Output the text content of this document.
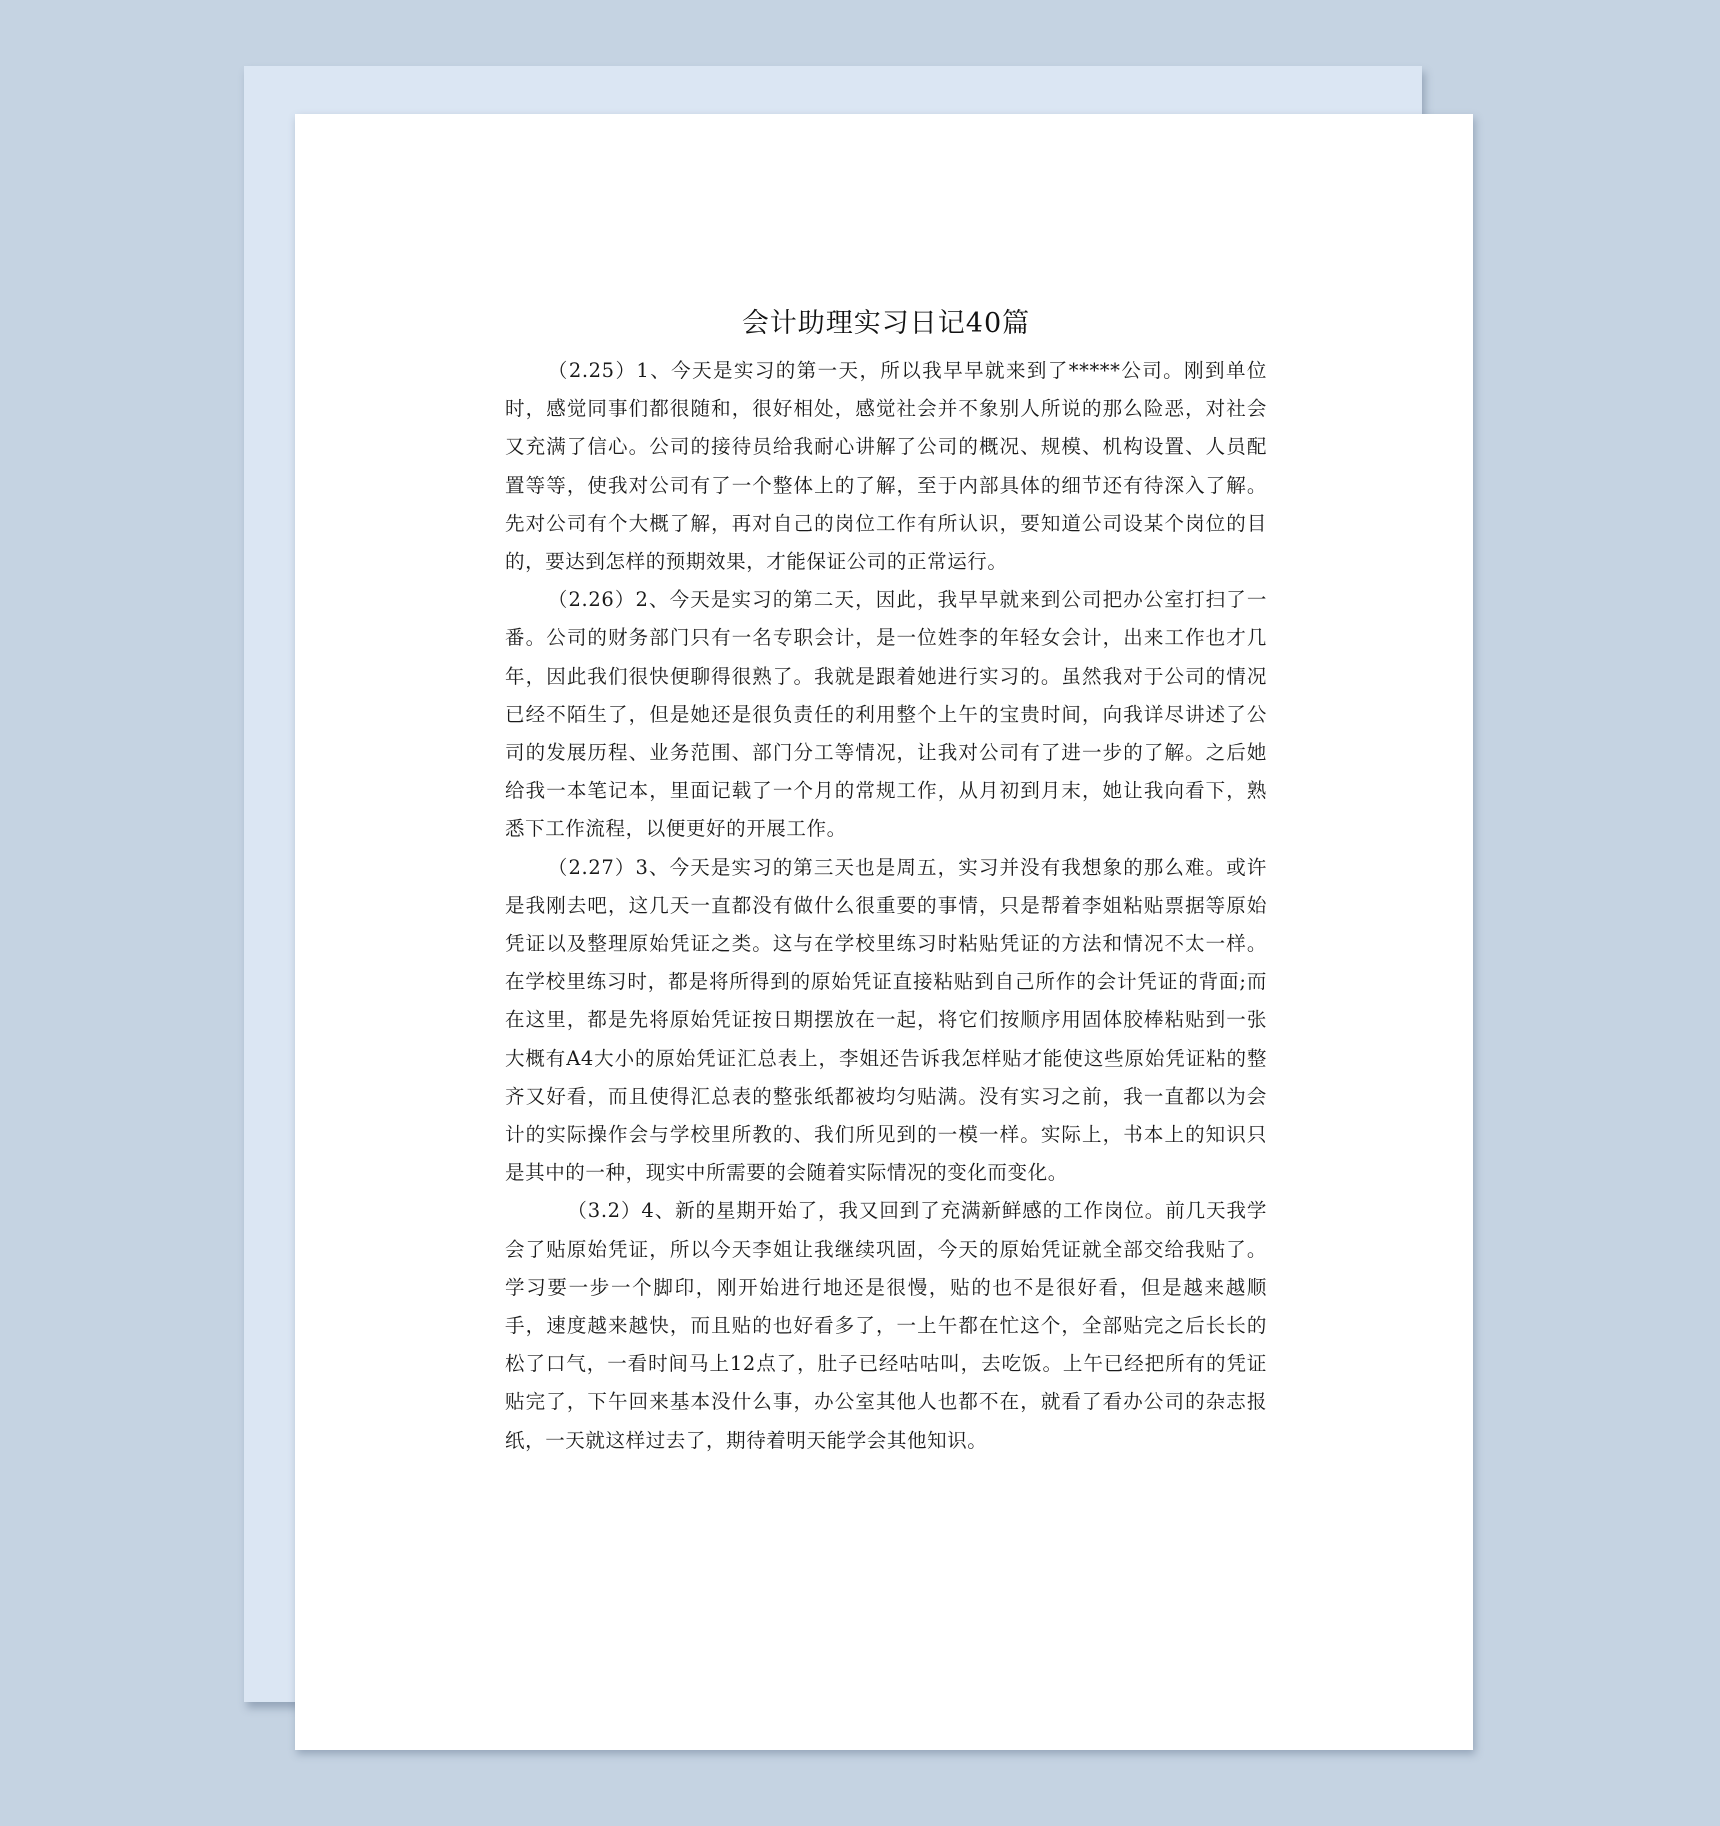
会计助理实习日记40篇

（2.25）1、今天是实习的第一天，所以我早早就来到了*****公司。刚到单位时，感觉同事们都很随和，很好相处，感觉社会并不象别人所说的那么险恶，对社会又充满了信心。公司的接待员给我耐心讲解了公司的概况、规模、机构设置、人员配置等等，使我对公司有了一个整体上的了解，至于内部具体的细节还有待深入了解。先对公司有个大概了解，再对自己的岗位工作有所认识，要知道公司设某个岗位的目的，要达到怎样的预期效果，才能保证公司的正常运行。

（2.26）2、今天是实习的第二天，因此，我早早就来到公司把办公室打扫了一番。公司的财务部门只有一名专职会计，是一位姓李的年轻女会计，出来工作也才几年，因此我们很快便聊得很熟了。我就是跟着她进行实习的。虽然我对于公司的情况已经不陌生了，但是她还是很负责任的利用整个上午的宝贵时间，向我详尽讲述了公司的发展历程、业务范围、部门分工等情况，让我对公司有了进一步的了解。之后她给我一本笔记本，里面记载了一个月的常规工作，从月初到月末，她让我向看下，熟悉下工作流程，以便更好的开展工作。

（2.27）3、今天是实习的第三天也是周五，实习并没有我想象的那么难。或许是我刚去吧，这几天一直都没有做什么很重要的事情，只是帮着李姐粘贴票据等原始凭证以及整理原始凭证之类。这与在学校里练习时粘贴凭证的方法和情况不太一样。在学校里练习时，都是将所得到的原始凭证直接粘贴到自己所作的会计凭证的背面;而在这里，都是先将原始凭证按日期摆放在一起，将它们按顺序用固体胶棒粘贴到一张大概有A4大小的原始凭证汇总表上，李姐还告诉我怎样贴才能使这些原始凭证粘的整齐又好看，而且使得汇总表的整张纸都被均匀贴满。没有实习之前，我一直都以为会计的实际操作会与学校里所教的、我们所见到的一模一样。实际上，书本上的知识只是其中的一种，现实中所需要的会随着实际情况的变化而变化。

（3.2）4、新的星期开始了，我又回到了充满新鲜感的工作岗位。前几天我学会了贴原始凭证，所以今天李姐让我继续巩固，今天的原始凭证就全部交给我贴了。学习要一步一个脚印，刚开始进行地还是很慢，贴的也不是很好看，但是越来越顺手，速度越来越快，而且贴的也好看多了，一上午都在忙这个，全部贴完之后长长的松了口气，一看时间马上12点了，肚子已经咕咕叫，去吃饭。上午已经把所有的凭证贴完了，下午回来基本没什么事，办公室其他人也都不在，就看了看办公司的杂志报纸，一天就这样过去了，期待着明天能学会其他知识。
